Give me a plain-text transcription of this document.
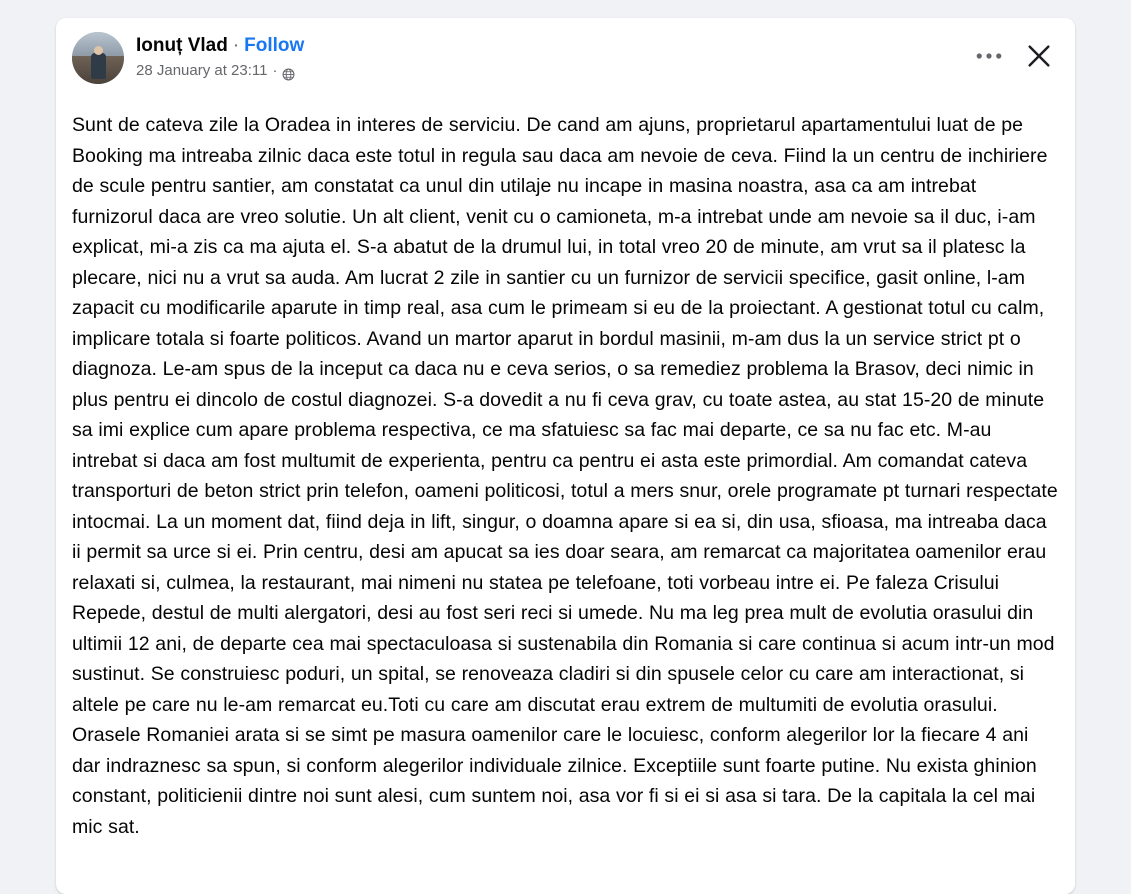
Ionuț Vlad · Follow
28 January at 23:11 ·
Sunt de cateva zile la Oradea in interes de serviciu. De cand am ajuns, proprietarul apartamentului luat de pe Booking ma intreaba zilnic daca este totul in regula sau daca am nevoie de ceva. Fiind la un centru de inchiriere de scule pentru santier, am constatat ca unul din utilaje nu incape in masina noastra, asa ca am intrebat furnizorul daca are vreo solutie. Un alt client, venit cu o camioneta, m-a intrebat unde am nevoie sa il duc, i-am explicat, mi-a zis ca ma ajuta el. S-a abatut de la drumul lui, in total vreo 20 de minute, am vrut sa il platesc la plecare, nici nu a vrut sa auda. Am lucrat 2 zile in santier cu un furnizor de servicii specifice, gasit online, l-am zapacit cu modificarile aparute in timp real, asa cum le primeam si eu de la proiectant. A gestionat totul cu calm, implicare totala si foarte politicos. Avand un martor aparut in bordul masinii, m-am dus la un service strict pt o diagnoza. Le-am spus de la inceput ca daca nu e ceva serios, o sa remediez problema la Brasov, deci nimic in plus pentru ei dincolo de costul diagnozei. S-a dovedit a nu fi ceva grav, cu toate astea, au stat 15-20 de minute sa imi explice cum apare problema respectiva, ce ma sfatuiesc sa fac mai departe, ce sa nu fac etc. M-au intrebat si daca am fost multumit de experienta, pentru ca pentru ei asta este primordial. Am comandat cateva transporturi de beton strict prin telefon, oameni politicosi, totul a mers snur, orele programate pt turnari respectate intocmai. La un moment dat, fiind deja in lift, singur, o doamna apare si ea si, din usa, sfioasa, ma intreaba daca ii permit sa urce si ei. Prin centru, desi am apucat sa ies doar seara, am remarcat ca majoritatea oamenilor erau relaxati si, culmea, la restaurant, mai nimeni nu statea pe telefoane, toti vorbeau intre ei. Pe faleza Crisului Repede, destul de multi alergatori, desi au fost seri reci si umede. Nu ma leg prea mult de evolutia orasului din ultimii 12 ani, de departe cea mai spectaculoasa si sustenabila din Romania si care continua si acum intr-un mod sustinut. Se construiesc poduri, un spital, se renoveaza cladiri si din spusele celor cu care am interactionat, si altele pe care nu le-am remarcat eu.Toti cu care am discutat erau extrem de multumiti de evolutia orasului. Orasele Romaniei arata si se simt pe masura oamenilor care le locuiesc, conform alegerilor lor la fiecare 4 ani dar indraznesc sa spun, si conform alegerilor individuale zilnice. Exceptiile sunt foarte putine. Nu exista ghinion constant, politicienii dintre noi sunt alesi, cum suntem noi, asa vor fi si ei si asa si tara. De la capitala la cel mai mic sat.
